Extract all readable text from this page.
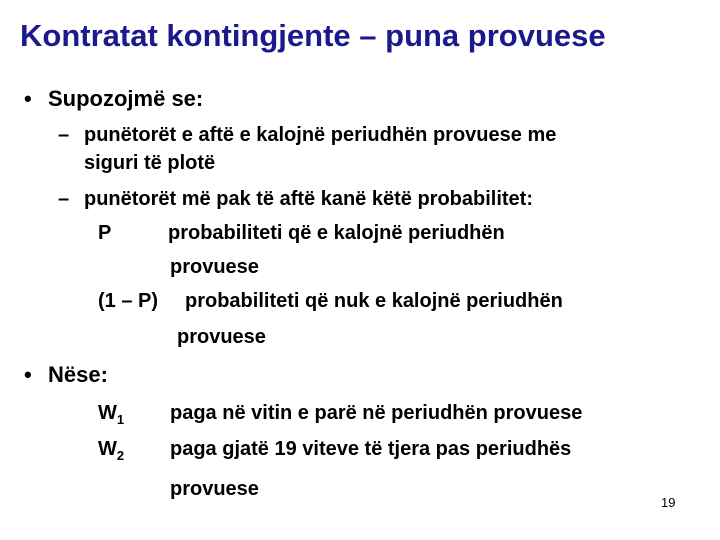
Kontratat kontingjente – puna provuese
• Supozojmë se:
– punëtorët e aftë e kalojnë periudhën provuese me
siguri të plotë
– punëtorët më pak të aftë kanë këtë probabilitet:
P	probabiliteti që e kalojnë periudhën
provuese
(1 – P) probabiliteti që nuk e kalojnë periudhën
provuese
• Nëse:
$W_1$ paga në vitin e parë në periudhën provuese
$W_2$ paga gjatë 19 viteve të tjera pas periudhës
provuese
19
